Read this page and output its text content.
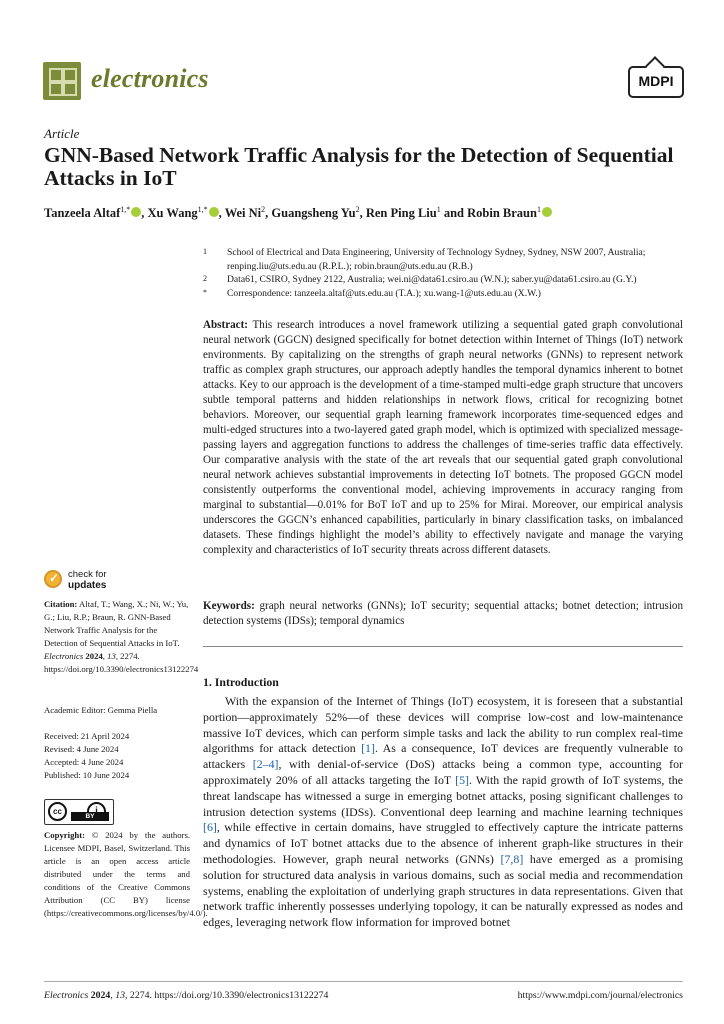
electronics	MDPI
Article
GNN-Based Network Traffic Analysis for the Detection of Sequential Attacks in IoT
Tanzeela Altaf$^{1,*}$ , Xu Wang$^{1,*}$ , Wei Ni$^2$, Guangsheng Yu$^2$, Ren Ping Liu$^1$ and Robin Braun$^1$
1 School of Electrical and Data Engineering, University of Technology Sydney, Sydney, NSW 2007, Australia; renping.liu@uts.edu.au (R.P.L.); robin.braun@uts.edu.au (R.B.)
2 Data61, CSIRO, Sydney 2122, Australia; wei.ni@data61.csiro.au (W.N.); saber.yu@data61.csiro.au (G.Y.)
* Correspondence: tanzeela.altaf@uts.edu.au (T.A.); xu.wang-1@uts.edu.au (X.W.)
Abstract: This research introduces a novel framework utilizing a sequential gated graph convolutional neural network (GGCN) designed specifically for botnet detection within Internet of Things (IoT) network environments. By capitalizing on the strengths of graph neural networks (GNNs) to represent network traffic as complex graph structures, our approach adeptly handles the temporal dynamics inherent to botnet attacks. Key to our approach is the development of a time-stamped multi-edge graph structure that uncovers subtle temporal patterns and hidden relationships in network flows, critical for recognizing botnet behaviors. Moreover, our sequential graph learning framework incorporates time-sequenced edges and multi-edged structures into a two-layered gated graph model, which is optimized with specialized message-passing layers and aggregation functions to address the challenges of time-series traffic data effectively. Our comparative analysis with the state of the art reveals that our sequential gated graph convolutional neural network achieves substantial improvements in detecting IoT botnets. The proposed GGCN model consistently outperforms the conventional model, achieving improvements in accuracy ranging from marginal to substantial—0.01% for BoT IoT and up to 25% for Mirai. Moreover, our empirical analysis underscores the GGCN’s enhanced capabilities, particularly in binary classification tasks, on imbalanced datasets. These findings highlight the model’s ability to effectively navigate and manage the varying complexity and characteristics of IoT security threats across different datasets.
Keywords: graph neural networks (GNNs); IoT security; sequential attacks; botnet detection; intrusion detection systems (IDSs); temporal dynamics
1. Introduction
With the expansion of the Internet of Things (IoT) ecosystem, it is foreseen that a substantial portion—approximately 52%—of these devices will comprise low-cost and low-maintenance massive IoT devices, which can perform simple tasks and lack the ability to run complex real-time algorithms for attack detection [1]. As a consequence, IoT devices are frequently vulnerable to attackers [2–4], with denial-of-service (DoS) attacks being a common type, accounting for approximately 20% of all attacks targeting the IoT [5]. With the rapid growth of IoT systems, the threat landscape has witnessed a surge in emerging botnet attacks, posing significant challenges to intrusion detection systems (IDSs). Conventional deep learning and machine learning techniques [6], while effective in certain domains, have struggled to effectively capture the intricate patterns and dynamics of IoT botnet attacks due to the absence of inherent graph-like structures in their methodologies. However, graph neural networks (GNNs) [7,8] have emerged as a promising solution for structured data analysis in various domains, such as social media and recommendation systems, enabling the exploitation of underlying graph structures in data representations. Given that network traffic inherently possesses underlying topology, it can be naturally expressed as nodes and edges, leveraging network flow information for improved botnet
✓ check for
updates
Citation: Altaf, T.; Wang, X.; Ni, W.; Yu, G.; Liu, R.P.; Braun, R. GNN-Based Network Traffic Analysis for the Detection of Sequential Attacks in IoT. Electronics 2024, 13, 2274. https://doi.org/10.3390/electronics13122274
Academic Editor: Gemma Piella
Received: 21 April 2024
Revised: 4 June 2024
Accepted: 4 June 2024
Published: 10 June 2024
cc
BY
Copyright: © 2024 by the authors. Licensee MDPI, Basel, Switzerland. This article is an open access article distributed under the terms and conditions of the Creative Commons Attribution (CC BY) license (https://creativecommons.org/licenses/by/4.0/).
Electronics 2024, 13, 2274. https://doi.org/10.3390/electronics13122274	https://www.mdpi.com/journal/electronics
